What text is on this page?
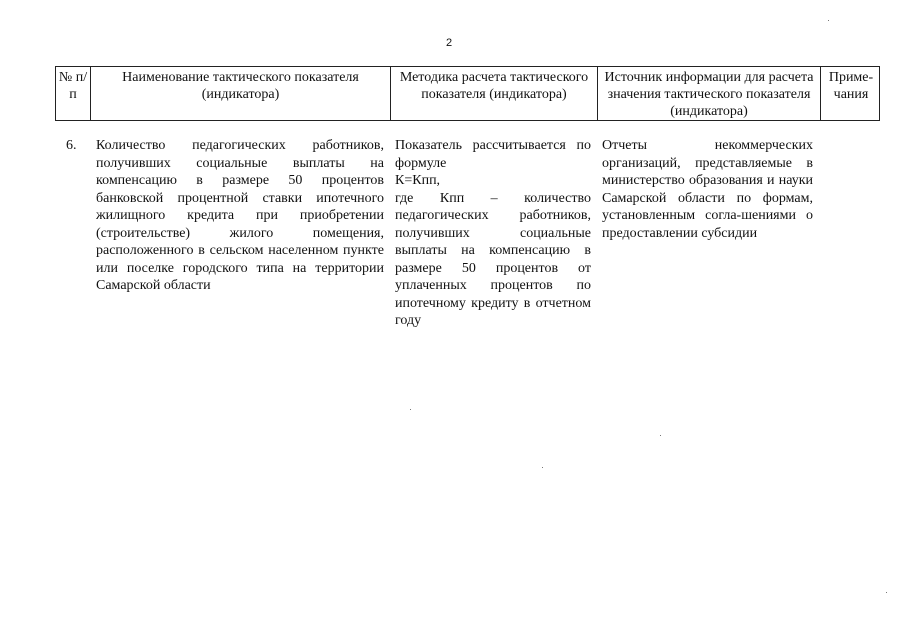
2
№ п/п
Наименование тактического показателя (индикатора)
Методика расчета тактического показателя (индикатора)
Источник информации для расчета значения тактического показателя (индикатора)
Приме-чания
6. Количество педагогических работников, получивших социальные выплаты на компенсацию в размере 50 процентов банковской процентной ставки ипотечного жилищного кредита при приобретении (строительстве) жилого помещения, расположенного в сельском населенном пункте или поселке городского типа на территории Самарской области
Показатель рассчитывается по формуле
К=Кпп,
где Кпп – количество педагогических работников, получивших социальные выплаты на компенсацию в размере 50 процентов от уплаченных процентов по ипотечному кредиту в отчетном году
Отчеты некоммерческих организаций, представляемые в министерство образования и науки Самарской области по формам, установленным согла-шениями о предоставлении субсидии
